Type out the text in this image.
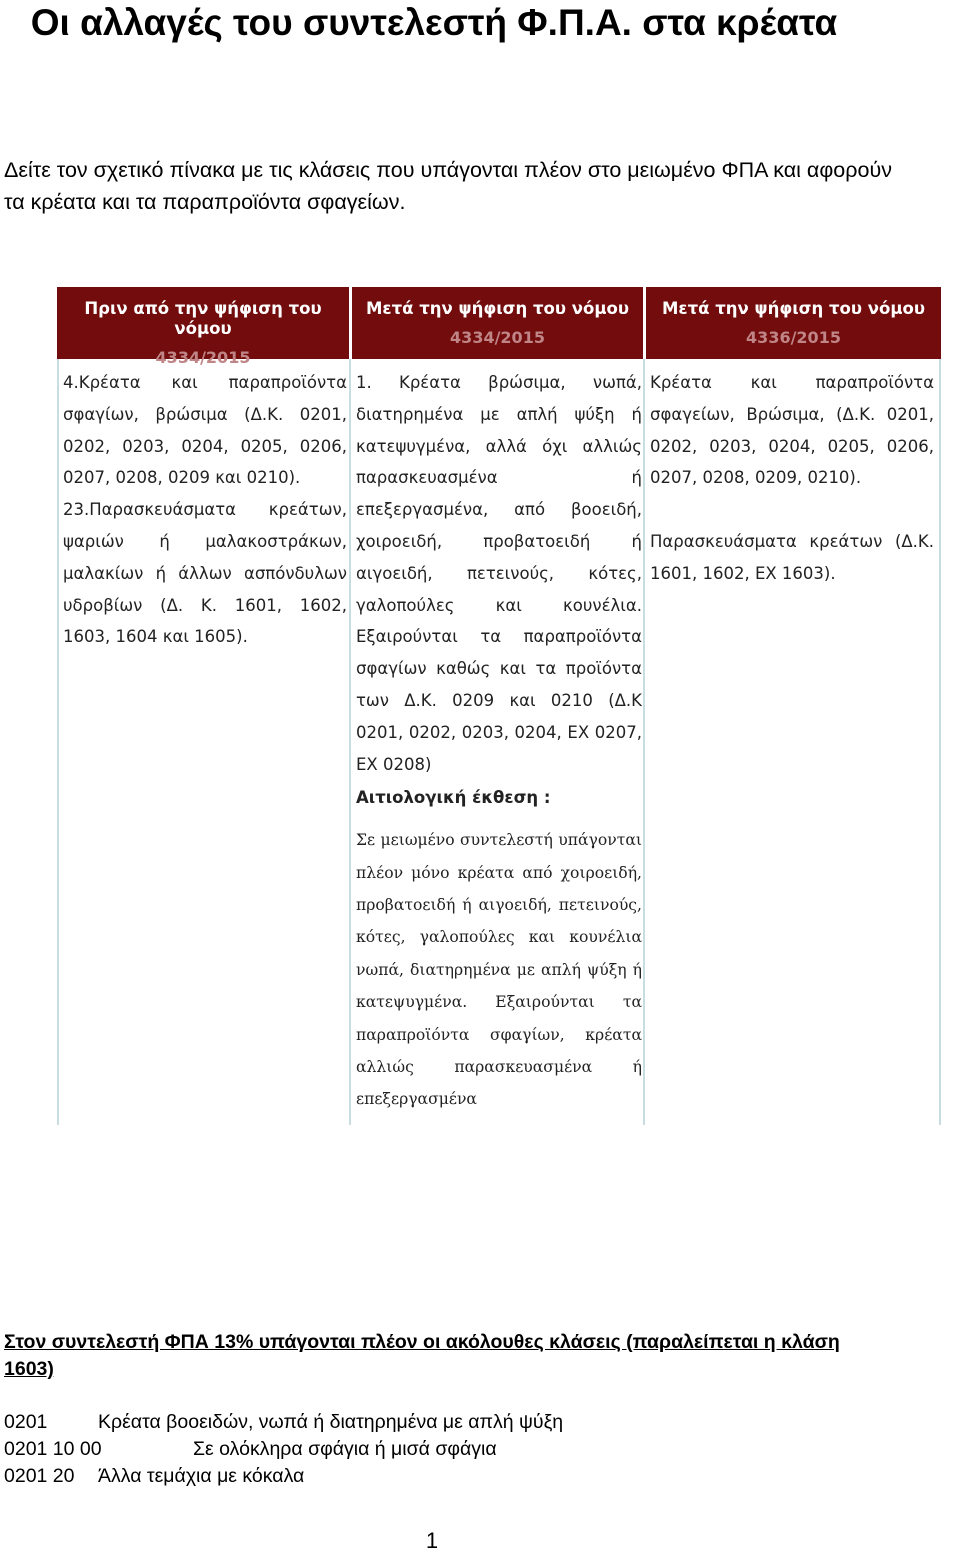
Οι αλλαγές του συντελεστή Φ.Π.Α. στα κρέατα

Δείτε τον σχετικό πίνακα με τις κλάσεις που υπάγονται πλέον στο μειωμένο ΦΠΑ και αφορούν τα κρέατα και τα παραπροϊόντα σφαγείων.

Πριν από την ψήφιση του νόμου
4334/2015
Μετά την ψήφιση του νόμου
4334/2015
Μετά την ψήφιση του νόμου
4336/2015

4.Κρέατα και παραπροϊόντα σφαγίων, βρώσιμα (Δ.Κ. 0201, 0202, 0203, 0204, 0205, 0206, 0207, 0208, 0209 και 0210).

23.Παρασκευάσματα κρεάτων, ψαριών ή μαλακοστράκων, μαλακίων ή άλλων ασπόνδυλων υδροβίων (Δ. Κ. 1601, 1602, 1603, 1604 και 1605).

1. Κρέατα βρώσιμα, νωπά, διατηρημένα με απλή ψύξη ή κατεψυγμένα, αλλά όχι αλλιώς παρασκευασμένα ή επεξεργασμένα, από βοοειδή, χοιροειδή, προβατοειδή ή αιγοειδή, πετεινούς, κότες, γαλοπούλες και κουνέλια. Εξαιρούνται τα παραπροϊόντα σφαγίων καθώς και τα προϊόντα των Δ.Κ. 0209 και 0210 (Δ.Κ 0201, 0202, 0203, 0204, ΕΧ 0207, ΕΧ 0208)

Αιτιολογική έκθεση :

Σε μειωμένο συντελεστή υπάγονται πλέον μόνο κρέατα από χοιροειδή, προβατοειδή ή αιγοειδή, πετεινούς, κότες, γαλοπούλες και κουνέλια νωπά, διατηρημένα με απλή ψύξη ή κατεψυγμένα. Εξαιρούνται τα παραπροϊόντα σφαγίων, κρέατα αλλιώς παρασκευασμένα ή επεξεργασμένα

Κρέατα και παραπροϊόντα σφαγείων, Βρώσιμα, (Δ.Κ. 0201, 0202, 0203, 0204, 0205, 0206, 0207, 0208, 0209, 0210).

Παρασκευάσματα κρεάτων (Δ.Κ. 1601, 1602, ΕΧ 1603).

Στον συντελεστή ΦΠΑ 13% υπάγονται πλέον οι ακόλουθες κλάσεις (παραλείπεται η κλάση 1603)

0201	Κρέατα βοοειδών, νωπά ή διατηρημένα με απλή ψύξη
0201 10 00	Σε ολόκληρα σφάγια ή μισά σφάγια
0201 20 Άλλα τεμάχια με κόκαλα
1
